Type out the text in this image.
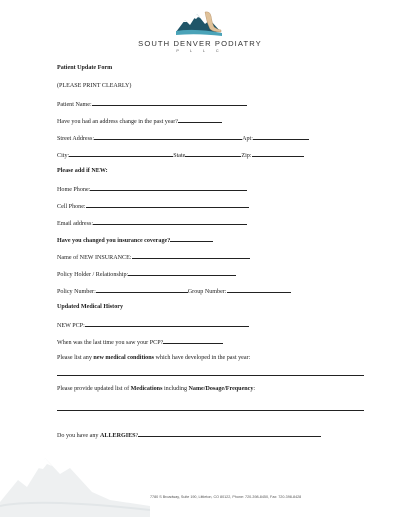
SOUTH DENVER PODIATRY
P L L C
Patient Update Form
(PLEASE PRINT CLEARLY)
Patient Name:
Have you had an address change in the past year?
Street Address:	Apt:
City:	State	Zip:
Please add if NEW:
Home Phone:
Cell Phone:
Email address:
Have you changed you insurance coverage?
Name of NEW INSURANCE:
Policy Holder / Relationship:
Policy Number:	Group Number:
Updated Medical History
NEW PCP:
When was the last time you saw your PCP?
Please list any new medical conditions which have developed in the past year:
Please provide updated list of Medications including Name/Dosage/Frequency:
Do you have any ALLERGIES?
7780 S Broadway, Suite 190, Littleton, CO 80122, Phone: 720-398-8450, Fax: 720-398-8428
